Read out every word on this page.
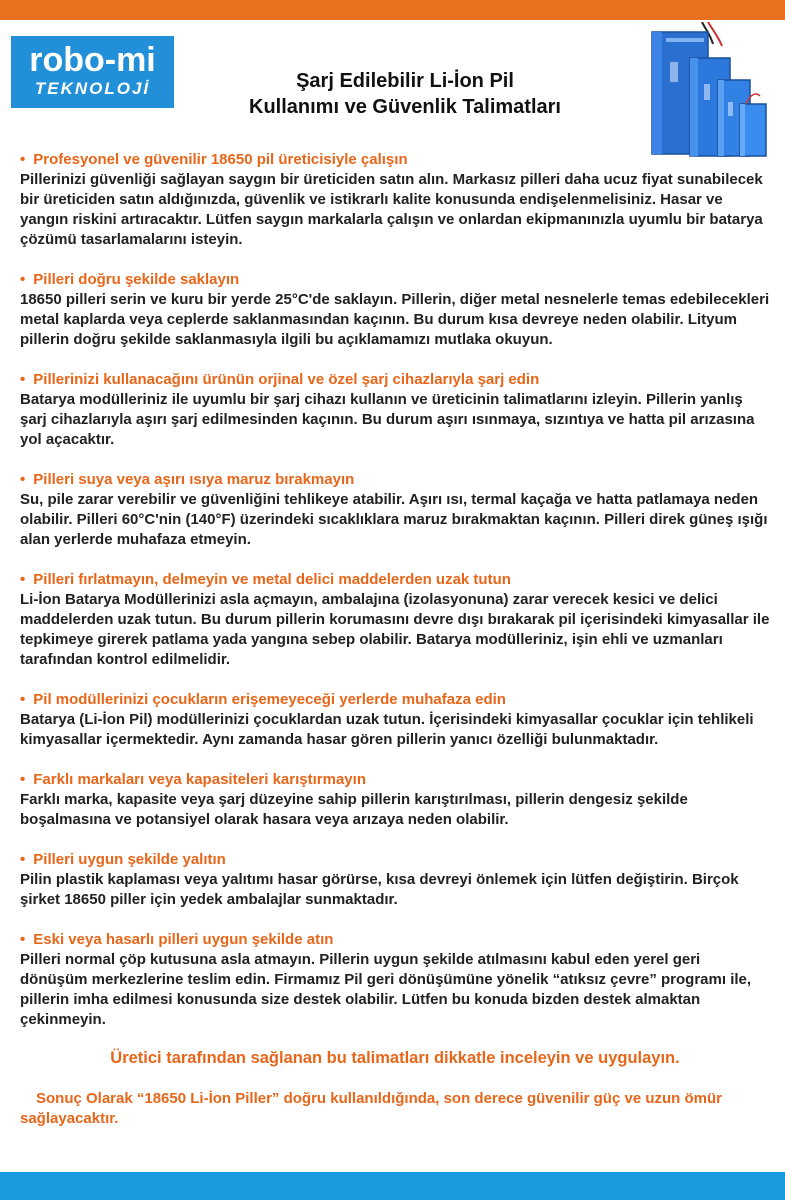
robo-mi
TEKNOLOJİ	Şarj Edilebilir Li-İon Pil
Kullanımı ve Güvenlik Talimatları
• Profesyonel ve güvenilir 18650 pil üreticisiyle çalışın
Pillerinizi güvenliği sağlayan saygın bir üreticiden satın alın. Markasız pilleri daha ucuz fiyat sunabilecek bir üreticiden satın aldığınızda, güvenlik ve istikrarlı kalite konusunda endişelenmelisiniz. Hasar ve yangın riskini artıracaktır. Lütfen saygın markalarla çalışın ve onlardan ekipmanınızla uyumlu bir batarya çözümü tasarlamalarını isteyin.
• Pilleri doğru şekilde saklayın
18650 pilleri serin ve kuru bir yerde 25°C'de saklayın. Pillerin, diğer metal nesnelerle temas edebilecekleri metal kaplarda veya ceplerde saklanmasından kaçının. Bu durum kısa devreye neden olabilir. Lityum pillerin doğru şekilde saklanmasıyla ilgili bu açıklamamızı mutlaka okuyun.
• Pillerinizi kullanacağını ürünün orjinal ve özel şarj cihazlarıyla şarj edin
Batarya modülleriniz ile uyumlu bir şarj cihazı kullanın ve üreticinin talimatlarını izleyin. Pillerin yanlış şarj cihazlarıyla aşırı şarj edilmesinden kaçının. Bu durum aşırı ısınmaya, sızıntıya ve hatta pil arızasına yol açacaktır.
• Pilleri suya veya aşırı ısıya maruz bırakmayın
Su, pile zarar verebilir ve güvenliğini tehlikeye atabilir. Aşırı ısı, termal kaçağa ve hatta patlamaya neden olabilir. Pilleri 60°C'nin (140°F) üzerindeki sıcaklıklara maruz bırakmaktan kaçının. Pilleri direk güneş ışığı alan yerlerde muhafaza etmeyin.
• Pilleri fırlatmayın, delmeyin ve metal delici maddelerden uzak tutun
Li-İon Batarya Modüllerinizi asla açmayın, ambalajına (izolasyonuna) zarar verecek kesici ve delici maddelerden uzak tutun. Bu durum pillerin korumasını devre dışı bırakarak pil içerisindeki kimyasallar ile tepkimeye girerek patlama yada yangına sebep olabilir. Batarya modülleriniz, işin ehli ve uzmanları tarafından kontrol edilmelidir.
• Pil modüllerinizi çocukların erişemeyeceği yerlerde muhafaza edin
Batarya (Li-İon Pil) modüllerinizi çocuklardan uzak tutun. İçerisindeki kimyasallar çocuklar için tehlikeli kimyasallar içermektedir. Aynı zamanda hasar gören pillerin yanıcı özelliği bulunmaktadır.
• Farklı markaları veya kapasiteleri karıştırmayın
Farklı marka, kapasite veya şarj düzeyine sahip pillerin karıştırılması, pillerin dengesiz şekilde boşalmasına ve potansiyel olarak hasara veya arızaya neden olabilir.
• Pilleri uygun şekilde yalıtın
Pilin plastik kaplaması veya yalıtımı hasar görürse, kısa devreyi önlemek için lütfen değiştirin. Birçok şirket 18650 piller için yedek ambalajlar sunmaktadır.
• Eski veya hasarlı pilleri uygun şekilde atın
Pilleri normal çöp kutusuna asla atmayın. Pillerin uygun şekilde atılmasını kabul eden yerel geri dönüşüm merkezlerine teslim edin. Firmamız Pil geri dönüşümüne yönelik “atıksız çevre” programı ile, pillerin imha edilmesi konusunda size destek olabilir. Lütfen bu konuda bizden destek almaktan çekinmeyin.
Üretici tarafından sağlanan bu talimatları dikkatle inceleyin ve uygulayın.
Sonuç Olarak “18650 Li-İon Piller” doğru kullanıldığında, son derece güvenilir güç ve uzun ömür sağlayacaktır.
